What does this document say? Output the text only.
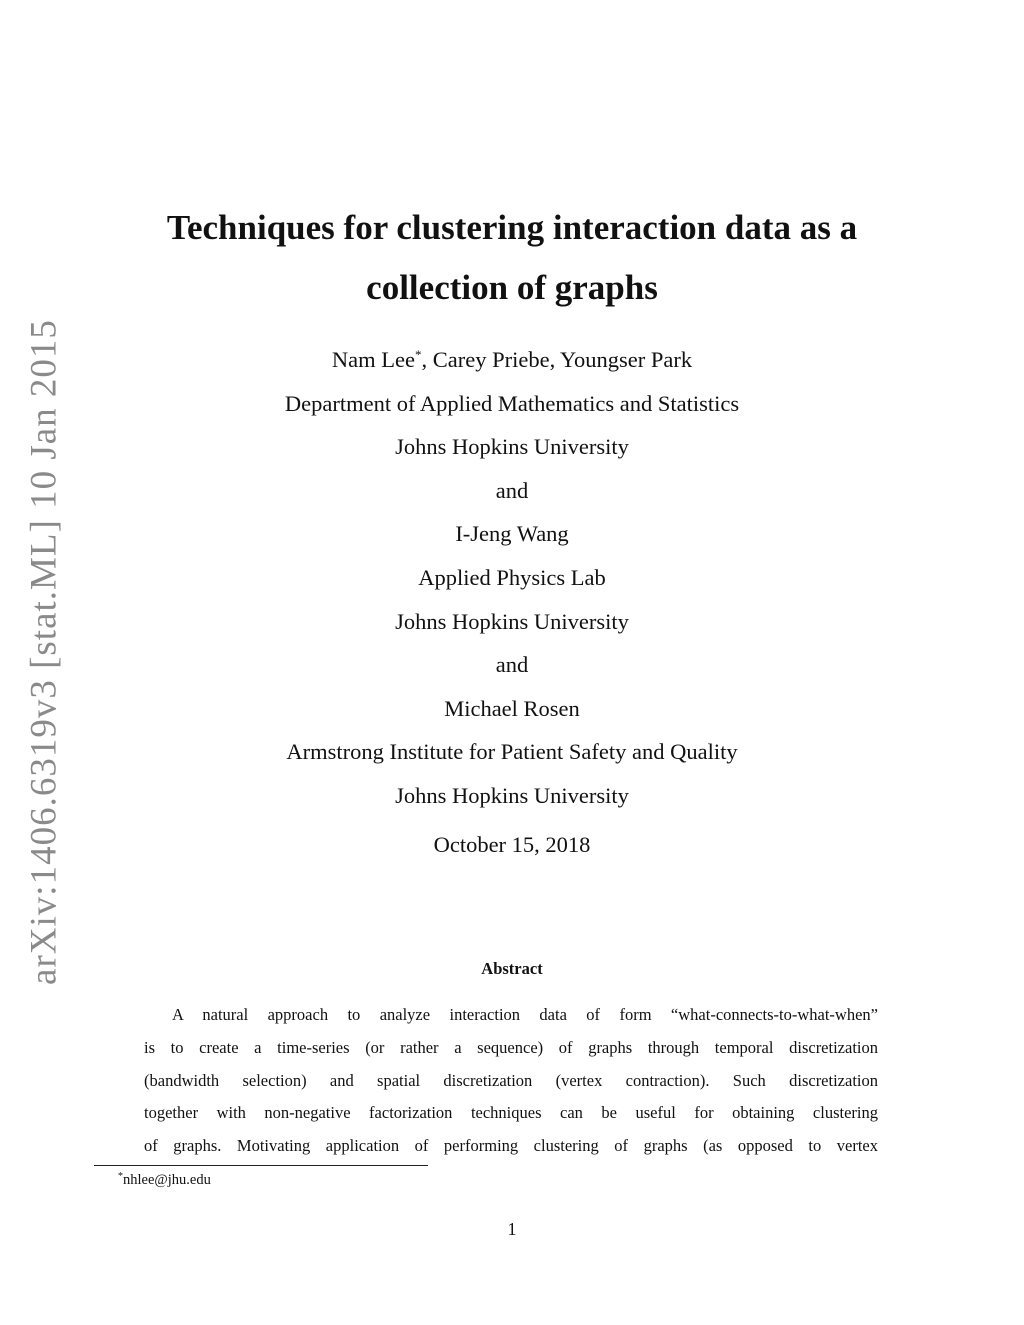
arXiv:1406.6319v3 [stat.ML] 10 Jan 2015
Techniques for clustering interaction data as a
collection of graphs
Nam Lee*, Carey Priebe, Youngser Park
Department of Applied Mathematics and Statistics
Johns Hopkins University
and
I-Jeng Wang
Applied Physics Lab
Johns Hopkins University
and
Michael Rosen
Armstrong Institute for Patient Safety and Quality
Johns Hopkins University
October 15, 2018
Abstract
A natural approach to analyze interaction data of form “what-connects-to-what-when”
is to create a time-series (or rather a sequence) of graphs through temporal discretization
(bandwidth selection) and spatial discretization (vertex contraction). Such discretization
together with non-negative factorization techniques can be useful for obtaining clustering
of graphs. Motivating application of performing clustering of graphs (as opposed to vertex
*nhlee@jhu.edu
1
